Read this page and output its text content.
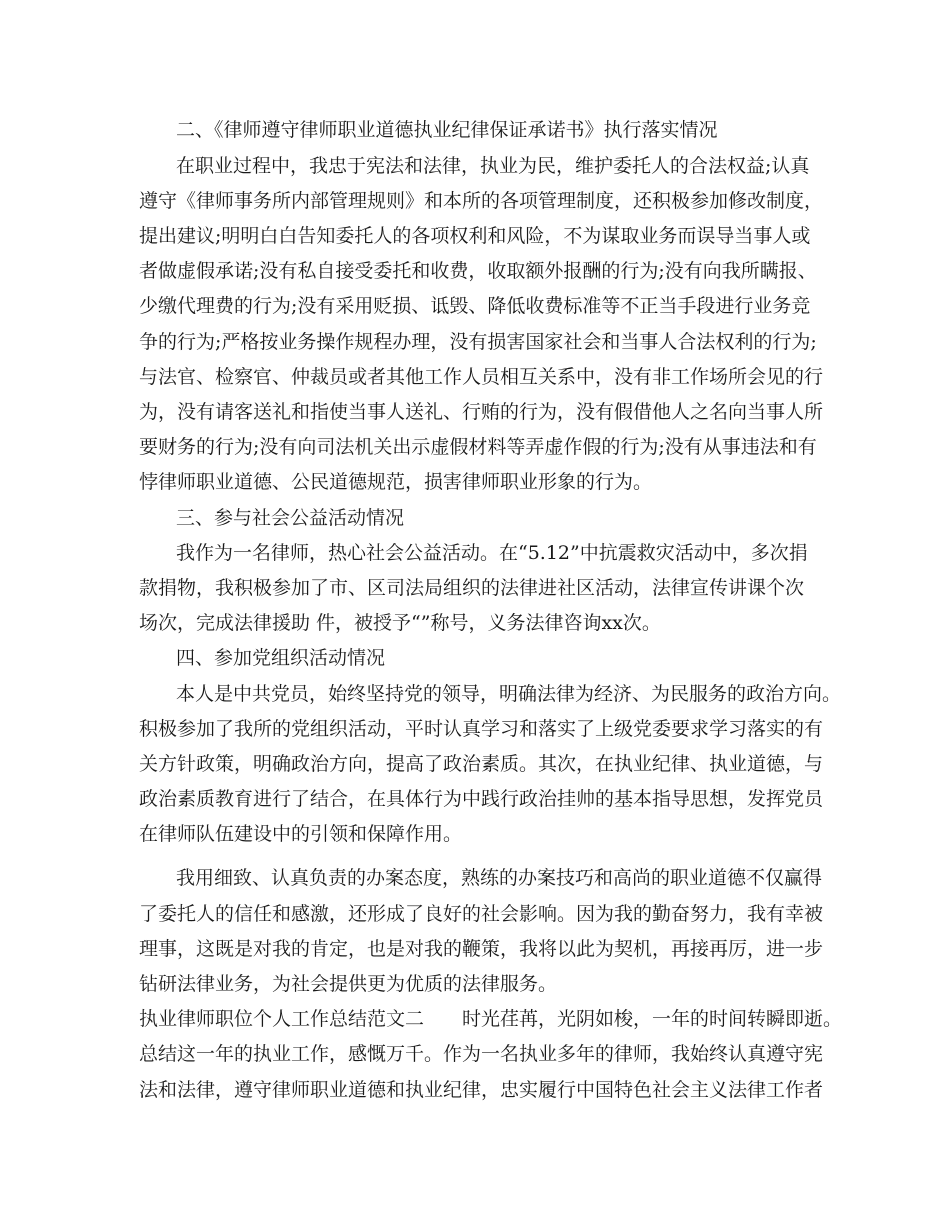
二、《律师遵守律师职业道德执业纪律保证承诺书》执行落实情况
在职业过程中，我忠于宪法和法律，执业为民，维护委托人的合法权益;认真
遵守《律师事务所内部管理规则》和本所的各项管理制度，还积极参加修改制度，
提出建议;明明白白告知委托人的各项权利和风险，不为谋取业务而误导当事人或
者做虚假承诺;没有私自接受委托和收费，收取额外报酬的行为;没有向我所瞒报、
少缴代理费的行为;没有采用贬损、诋毁、降低收费标准等不正当手段进行业务竞
争的行为;严格按业务操作规程办理，没有损害国家社会和当事人合法权利的行为;
与法官、检察官、仲裁员或者其他工作人员相互关系中，没有非工作场所会见的行
为，没有请客送礼和指使当事人送礼、行贿的行为，没有假借他人之名向当事人所
要财务的行为;没有向司法机关出示虚假材料等弄虚作假的行为;没有从事违法和有
悖律师职业道德、公民道德规范，损害律师职业形象的行为。
三、参与社会公益活动情况
我作为一名律师，热心社会公益活动。在“5.12”中抗震救灾活动中，多次捐
款捐物，我积极参加了市、区司法局组织的法律进社区活动，法律宣传讲课个次
场次，完成法律援助 件，被授予“”称号，义务法律咨询xx次。
四、参加党组织活动情况
本人是中共党员，始终坚持党的领导，明确法律为经济、为民服务的政治方向。
积极参加了我所的党组织活动，平时认真学习和落实了上级党委要求学习落实的有
关方针政策，明确政治方向，提高了政治素质。其次，在执业纪律、执业道德，与
政治素质教育进行了结合，在具体行为中践行政治挂帅的基本指导思想，发挥党员
在律师队伍建设中的引领和保障作用。
我用细致、认真负责的办案态度，熟练的办案技巧和高尚的职业道德不仅赢得
了委托人的信任和感激，还形成了良好的社会影响。因为我的勤奋努力，我有幸被
理事，这既是对我的肯定，也是对我的鞭策，我将以此为契机，再接再厉，进一步
钻研法律业务，为社会提供更为优质的法律服务。
执业律师职位个人工作总结范文二　　时光荏苒，光阴如梭，一年的时间转瞬即逝。
总结这一年的执业工作，感慨万千。作为一名执业多年的律师，我始终认真遵守宪
法和法律，遵守律师职业道德和执业纪律，忠实履行中国特色社会主义法律工作者
